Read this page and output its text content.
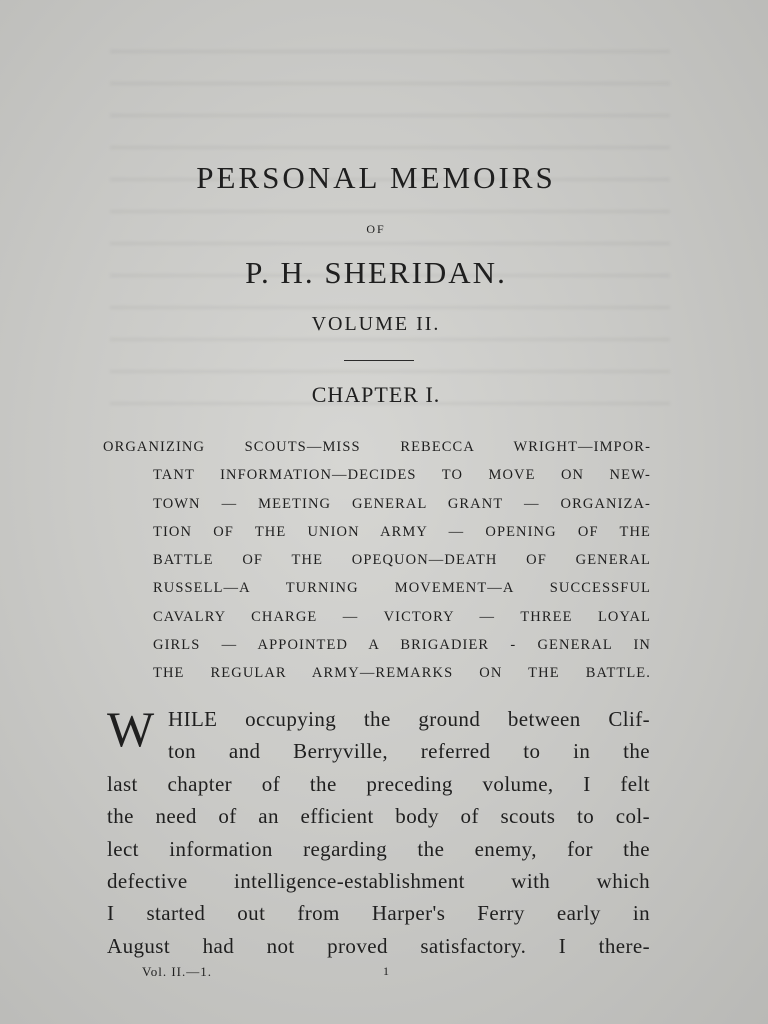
PERSONAL MEMOIRS
OF
P. H. SHERIDAN.
VOLUME II.
CHAPTER I.
ORGANIZING SCOUTS—MISS REBECCA WRIGHT—IMPOR-
TANT INFORMATION—DECIDES TO MOVE ON NEW-
TOWN — MEETING GENERAL GRANT — ORGANIZA-
TION OF THE UNION ARMY — OPENING OF THE
BATTLE OF THE OPEQUON—DEATH OF GENERAL
RUSSELL—A TURNING MOVEMENT—A SUCCESSFUL
CAVALRY CHARGE — VICTORY — THREE LOYAL
GIRLS — APPOINTED A BRIGADIER - GENERAL IN
THE REGULAR ARMY—REMARKS ON THE BATTLE.
W HILE occupying the ground between Clif-
ton and Berryville, referred to in the
last chapter of the preceding volume, I felt
the need of an efficient body of scouts to col-
lect information regarding the enemy, for the
defective intelligence-establishment with which
I started out from Harper's Ferry early in
August had not proved satisfactory. I there-
Vol. II.—1.	1
